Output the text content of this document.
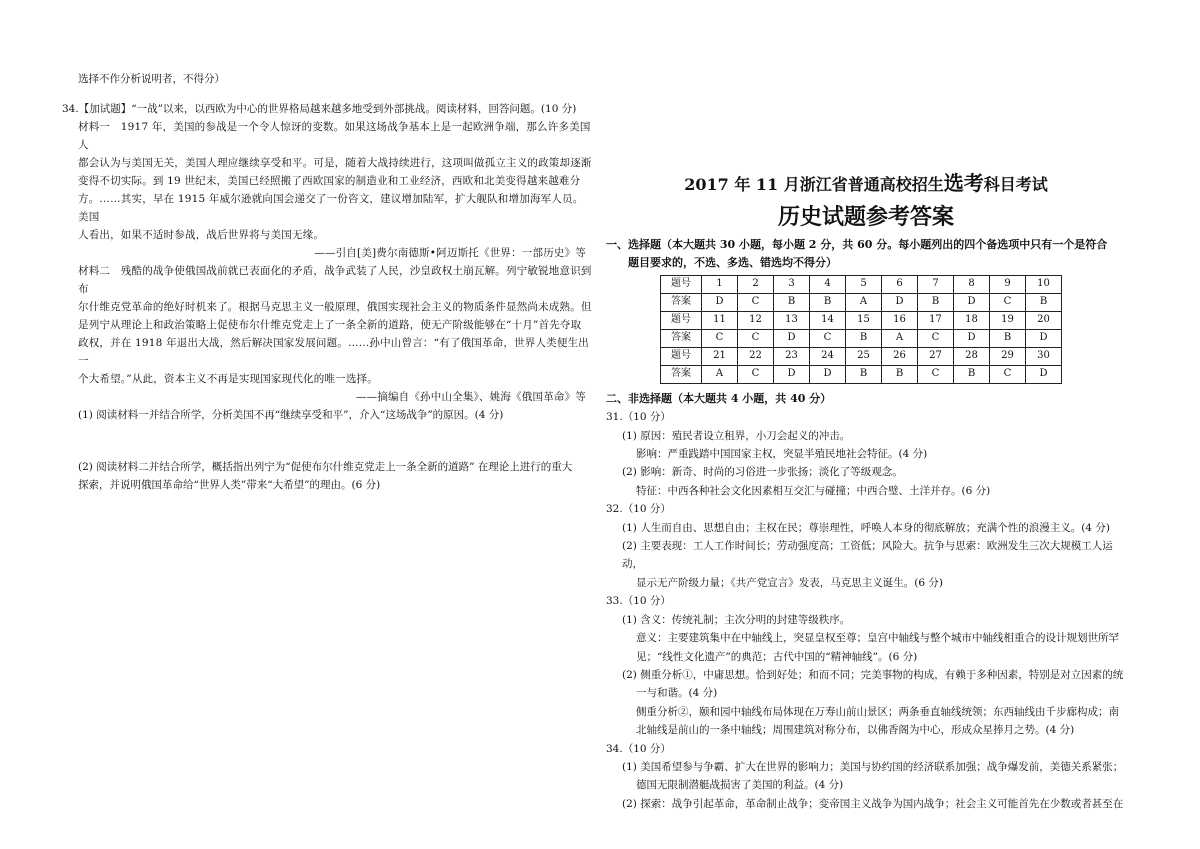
选择不作分析说明者，不得分）

34.【加试题】“一战”以来，以西欧为中心的世界格局越来越多地受到外部挑战。阅读材料，回答问题。(10 分)

材料一　1917 年，美国的参战是一个令人惊讶的变数。如果这场战争基本上是一起欧洲争端，那么许多美国人

都会认为与美国无关，美国人理应继续享受和平。可是，随着大战持续进行，这项叫做孤立主义的政策却逐渐

变得不切实际。到 19 世纪末，美国已经照搬了西欧国家的制造业和工业经济，西欧和北美变得越来越难分

方。……其实，早在 1915 年威尔逊就向国会递交了一份咨文，建议增加陆军，扩大舰队和增加海军人员。美国

人看出，如果不适时参战，战后世界将与美国无缘。

——引自[美]费尔南德斯•阿迈斯托《世界：一部历史》等

材料二　残酷的战争使俄国战前就已表面化的矛盾，战争武装了人民，沙皇政权土崩瓦解。列宁敏锐地意识到布

尔什维克党革命的绝好时机来了。根据马克思主义一般原理，俄国实现社会主义的物质条件显然尚未成熟。但

是列宁从理论上和政治策略上促使布尔什维克党走上了一条全新的道路，使无产阶级能够在“十月”首先夺取

政权，并在 1918 年退出大战，然后解决国家发展问题。……孙中山曾言：“有了俄国革命，世界人类便生出一

个大希望。”从此，资本主义不再是实现国家现代化的唯一选择。

——摘编自《孙中山全集》、姚海《俄国革命》等

(1) 阅读材料一并结合所学，分析美国不再“继续享受和平”，介入“这场战争”的原因。(4 分)

(2) 阅读材料二并结合所学，概括指出列宁为“促使布尔什维克党走上一条全新的道路” 在理论上进行的重大

探索，并说明俄国革命给“世界人类”带来“大希望”的理由。(6 分)

2017 年 11 月浙江省普通高校招生选考科目考试

历史试题参考答案

一、选择题（本大题共 30 小题，每小题 2 分，共 60 分。每小题列出的四个备选项中只有一个是符合

　　题目要求的，不选、多选、错选均不得分）

题号	1	2	3	4	5	6	7	8	9	10
答案	D	C	B	B	A	D	B	D	C	B
题号	11	12	13	14	15	16	17	18	19	20
答案	C	C	D	C	B	A	C	D	B	D
题号	21	22	23	24	25	26	27	28	29	30
答案	A	C	D	D	B	B	C	B	C	D

二、非选择题（本大题共 4 小题，共 40 分）

31.（10 分）

(1) 原因：殖民者设立租界，小刀会起义的冲击。

影响：严重践踏中国国家主权，突显半殖民地社会特征。(4 分)

(2) 影响：新奇、时尚的习俗进一步张扬；淡化了等级观念。

特征：中西各种社会文化因素相互交汇与碰撞；中西合璧、土洋并存。(6 分)

32.（10 分）

(1) 人生而自由、思想自由；主权在民；尊崇理性，呼唤人本身的彻底解放；充满个性的浪漫主义。(4 分)

(2) 主要表现：工人工作时间长；劳动强度高；工资低；风险大。抗争与思索：欧洲发生三次大规模工人运动，

显示无产阶级力量；《共产党宣言》发表，马克思主义诞生。(6 分)

33.（10 分）

(1) 含义：传统礼制；主次分明的封建等级秩序。

意义：主要建筑集中在中轴线上，突显皇权至尊；皇宫中轴线与整个城市中轴线相重合的设计规划世所罕

见；“线性文化遗产”的典范；古代中国的“精神轴线”。(6 分)

(2) 侧重分析①，中庸思想。恰到好处；和而不同；完美事物的构成，有赖于多种因素，特别是对立因素的统

一与和谐。(4 分)

侧重分析②，颐和园中轴线布局体现在万寿山前山景区；两条垂直轴线统领；东西轴线由千步廊构成；南

北轴线是前山的一条中轴线；周围建筑对称分布，以佛香阁为中心，形成众星捧月之势。(4 分)

34.（10 分）

(1) 美国希望参与争霸、扩大在世界的影响力；美国与协约国的经济联系加强；战争爆发前，美德关系紧张；

德国无限制潜艇战损害了美国的利益。(4 分)

(2) 探索：战争引起革命，革命制止战争；变帝国主义战争为国内战争；社会主义可能首先在少数或者甚至在
